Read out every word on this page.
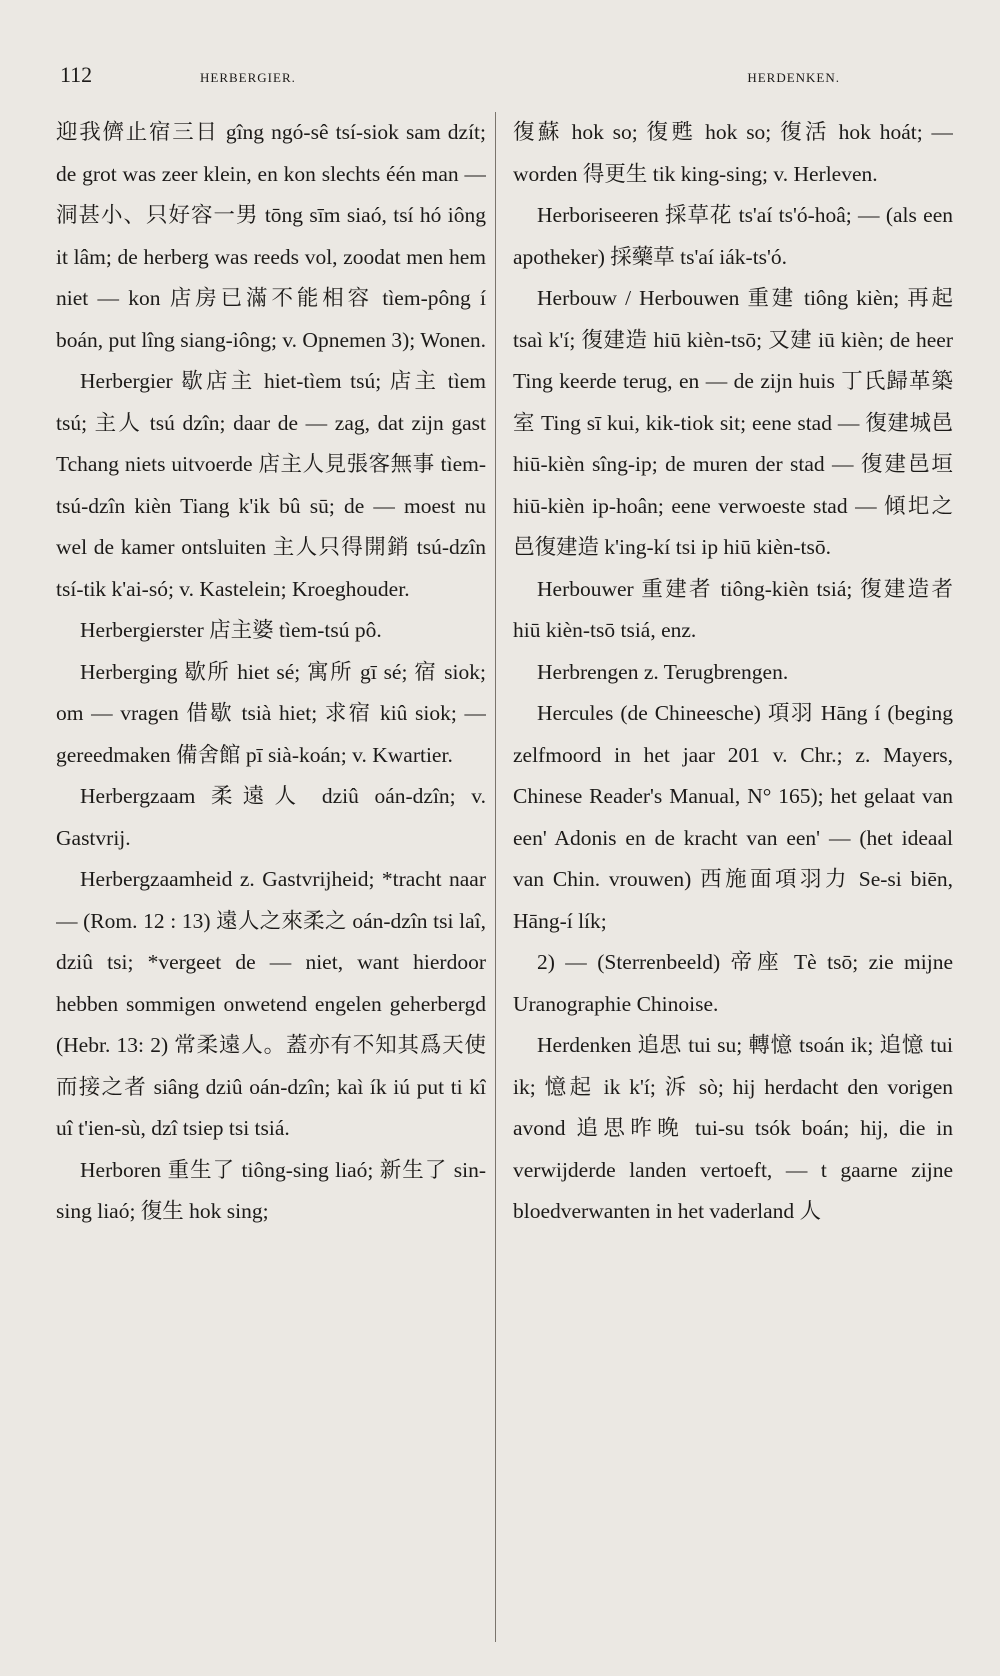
112	HERBERGIER.	HERDENKEN.

迎我儕止宿三日 gîng ngó-sê tsí-siok sam dzít; de grot was zeer klein, en kon slechts één man — 洞甚小、只好容一男 tōng sīm siaó, tsí hó iông it lâm; de herberg was reeds vol, zoodat men hem niet — kon 店房已滿不能相容 tìem-pông í boán, put lîng siang-iông; v. Opnemen 3); Wonen.

Herbergier 歇店主 hiet-tìem tsú; 店主 tìem tsú; 主人 tsú dzîn; daar de — zag, dat zijn gast Tchang niets uitvoerde 店主人見張客無事 tìem-tsú-dzîn kièn Tiang k'ik bû sū; de — moest nu wel de kamer ontsluiten 主人只得開銷 tsú-dzîn tsí-tik k'ai-só; v. Kastelein; Kroeghouder.

Herbergierster 店主婆 tìem-tsú pô.

Herberging 歇所 hiet sé; 寓所 gī sé; 宿 siok; om — vragen 借歇 tsià hiet; 求宿 kiû siok; — gereedmaken 備舍館 pī sià-koán; v. Kwartier.

Herbergzaam 柔遠人 dziû oán-dzîn; v. Gastvrij.

Herbergzaamheid z. Gastvrijheid; *tracht naar — (Rom. 12 : 13) 遠人之來柔之 oán-dzîn tsi laî, dziû tsi; *vergeet de — niet, want hierdoor hebben sommigen onwetend engelen geherbergd (Hebr. 13: 2) 常柔遠人。蓋亦有不知其爲天使而接之者 siâng dziû oán-dzîn; kaì ík iú put ti kî uî t'ien-sù, dzî tsiep tsi tsiá.

Herboren 重生了 tiông-sing liaó; 新生了 sin-sing liaó; 復生 hok sing;

復蘇 hok so; 復甦 hok so; 復活 hok hoát; — worden 得更生 tik king-sing; v. Herleven.

Herboriseeren 採草花 ts'aí ts'ó-hoâ; — (als een apotheker) 採藥草 ts'aí iák-ts'ó.

Herbouw / Herbouwen 重建 tiông kièn; 再起 tsaì k'í; 復建造 hiū kièn-tsō; 又建 iū kièn; de heer Ting keerde terug, en — de zijn huis 丁氏歸革築室 Ting sī kui, kik-tiok sit; eene stad — 復建城邑 hiū-kièn sîng-ip; de muren der stad — 復建邑垣 hiū-kièn ip-hoân; eene verwoeste stad — 傾圯之邑復建造 k'ing-kí tsi ip hiū kièn-tsō.

Herbouwer 重建者 tiông-kièn tsiá; 復建造者 hiū kièn-tsō tsiá, enz.

Herbrengen z. Terugbrengen.

Hercules (de Chineesche) 項羽 Hāng í (beging zelfmoord in het jaar 201 v. Chr.; z. Mayers, Chinese Reader's Manual, N° 165); het gelaat van een' Adonis en de kracht van een' — (het ideaal van Chin. vrouwen) 西施面項羽力 Se-si biēn, Hāng-í lík;

2) — (Sterrenbeeld) 帝座 Tè tsō; zie mijne Uranographie Chinoise.

Herdenken 追思 tui su; 轉憶 tsoán ik; 追憶 tui ik; 憶起 ik k'í; 泝 sò; hij herdacht den vorigen avond 追思昨晚 tui-su tsók boán; hij, die in verwijderde landen vertoeft, — t gaarne zijne bloedverwanten in het vaderland 人
